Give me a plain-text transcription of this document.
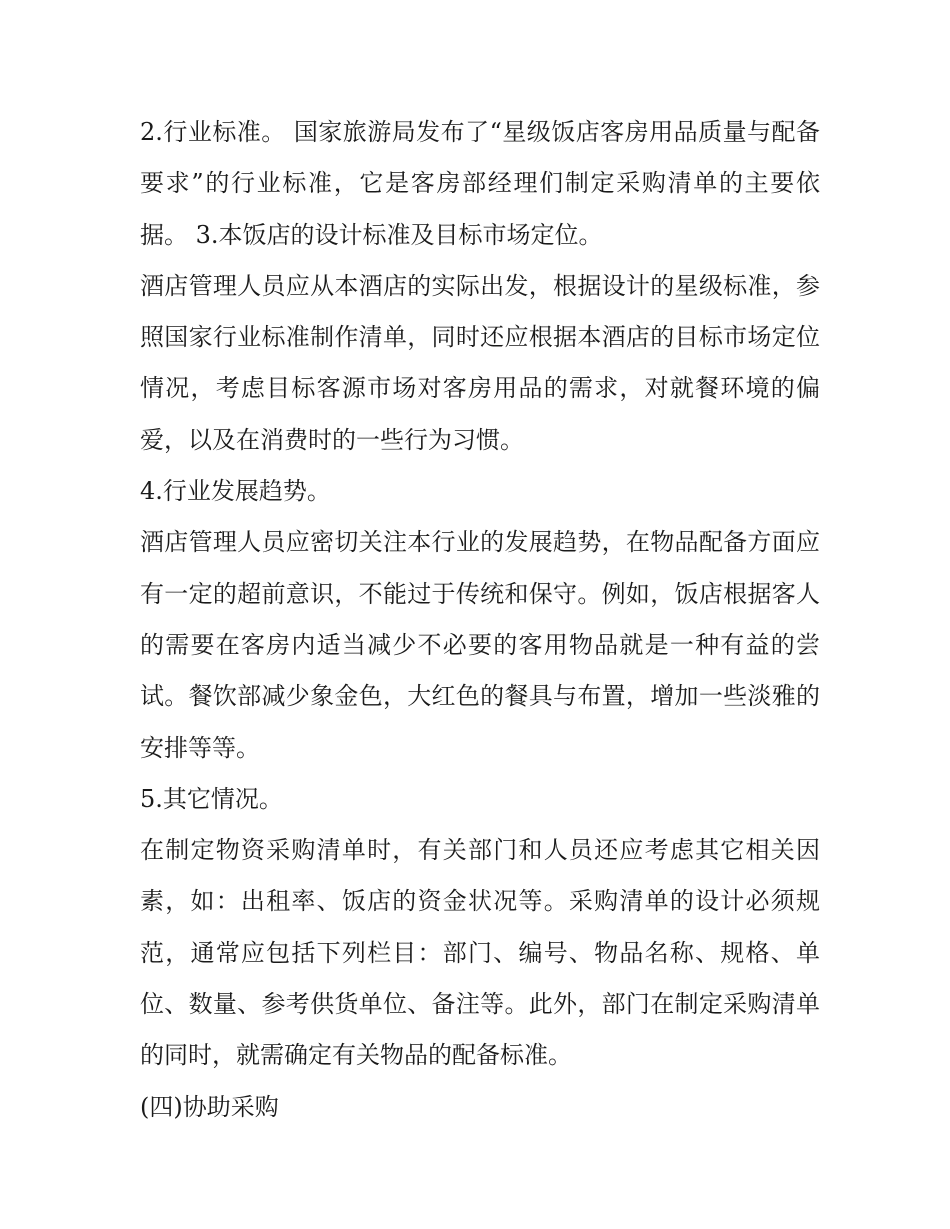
2.行业标准。 国家旅游局发布了“星级饭店客房用品质量与配备要求”的行业标准，它是客房部经理们制定采购清单的主要依据。 3.本饭店的设计标准及目标市场定位。

酒店管理人员应从本酒店的实际出发，根据设计的星级标准，参照国家行业标准制作清单，同时还应根据本酒店的目标市场定位情况，考虑目标客源市场对客房用品的需求，对就餐环境的偏爱，以及在消费时的一些行为习惯。

4.行业发展趋势。

酒店管理人员应密切关注本行业的发展趋势，在物品配备方面应有一定的超前意识，不能过于传统和保守。例如，饭店根据客人的需要在客房内适当减少不必要的客用物品就是一种有益的尝试。餐饮部减少象金色，大红色的餐具与布置，增加一些淡雅的安排等等。

5.其它情况。

在制定物资采购清单时，有关部门和人员还应考虑其它相关因素，如：出租率、饭店的资金状况等。采购清单的设计必须规范，通常应包括下列栏目：部门、编号、物品名称、规格、单位、数量、参考供货单位、备注等。此外，部门在制定采购清单的同时，就需确定有关物品的配备标准。

(四)协助采购
